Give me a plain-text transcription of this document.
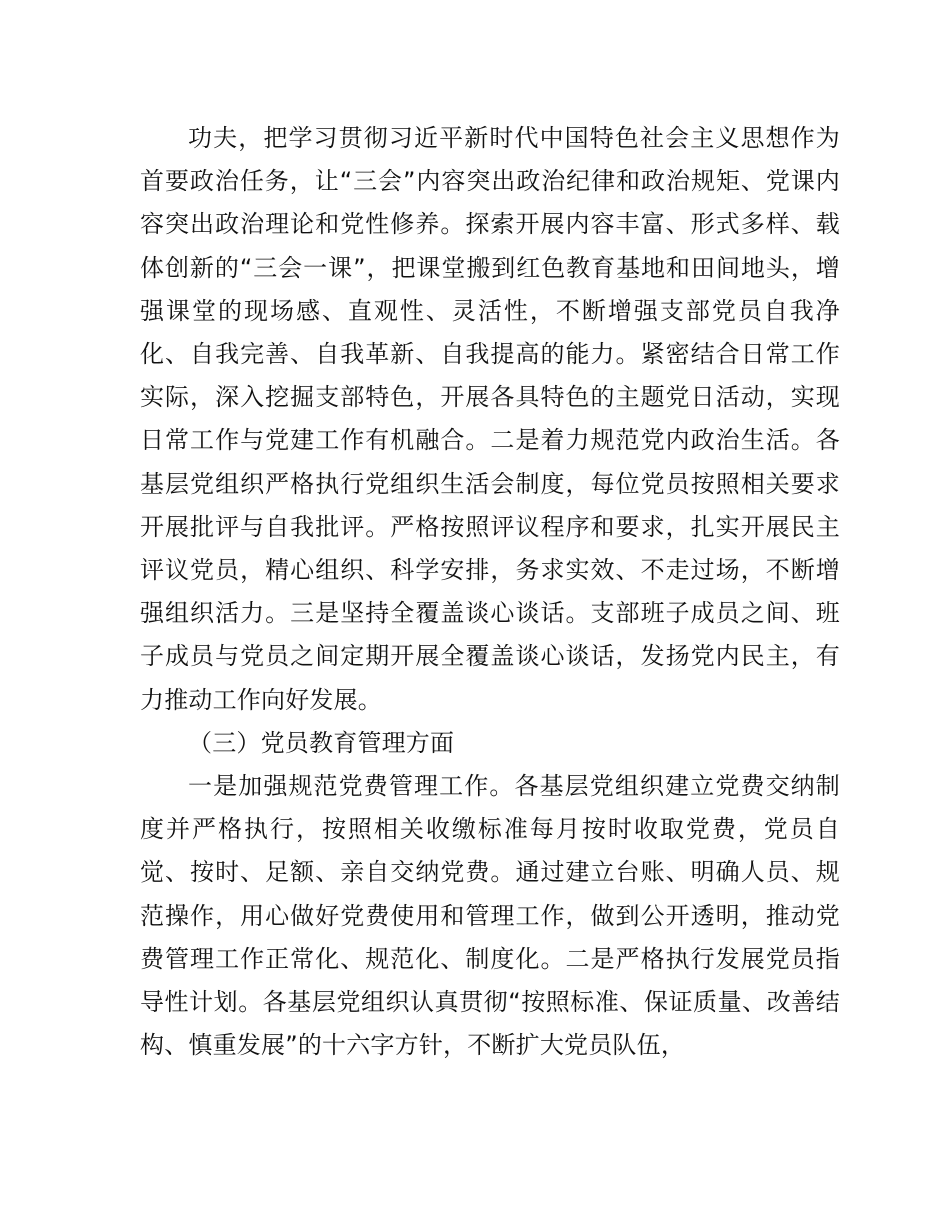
功夫，把学习贯彻习近平新时代中国特色社会主义思想作为首要政治任务，让“三会”内容突出政治纪律和政治规矩、党课内容突出政治理论和党性修养。探索开展内容丰富、形式多样、载体创新的“三会一课”，把课堂搬到红色教育基地和田间地头，增强课堂的现场感、直观性、灵活性，不断增强支部党员自我净化、自我完善、自我革新、自我提高的能力。紧密结合日常工作实际，深入挖掘支部特色，开展各具特色的主题党日活动，实现日常工作与党建工作有机融合。二是着力规范党内政治生活。各基层党组织严格执行党组织生活会制度，每位党员按照相关要求开展批评与自我批评。严格按照评议程序和要求，扎实开展民主评议党员，精心组织、科学安排，务求实效、不走过场，不断增强组织活力。三是坚持全覆盖谈心谈话。支部班子成员之间、班子成员与党员之间定期开展全覆盖谈心谈话，发扬党内民主，有力推动工作向好发展。

（三）党员教育管理方面

一是加强规范党费管理工作。各基层党组织建立党费交纳制度并严格执行，按照相关收缴标准每月按时收取党费，党员自觉、按时、足额、亲自交纳党费。通过建立台账、明确人员、规范操作，用心做好党费使用和管理工作，做到公开透明，推动党费管理工作正常化、规范化、制度化。二是严格执行发展党员指导性计划。各基层党组织认真贯彻“按照标准、保证质量、改善结构、慎重发展”的十六字方针，不断扩大党员队伍，
